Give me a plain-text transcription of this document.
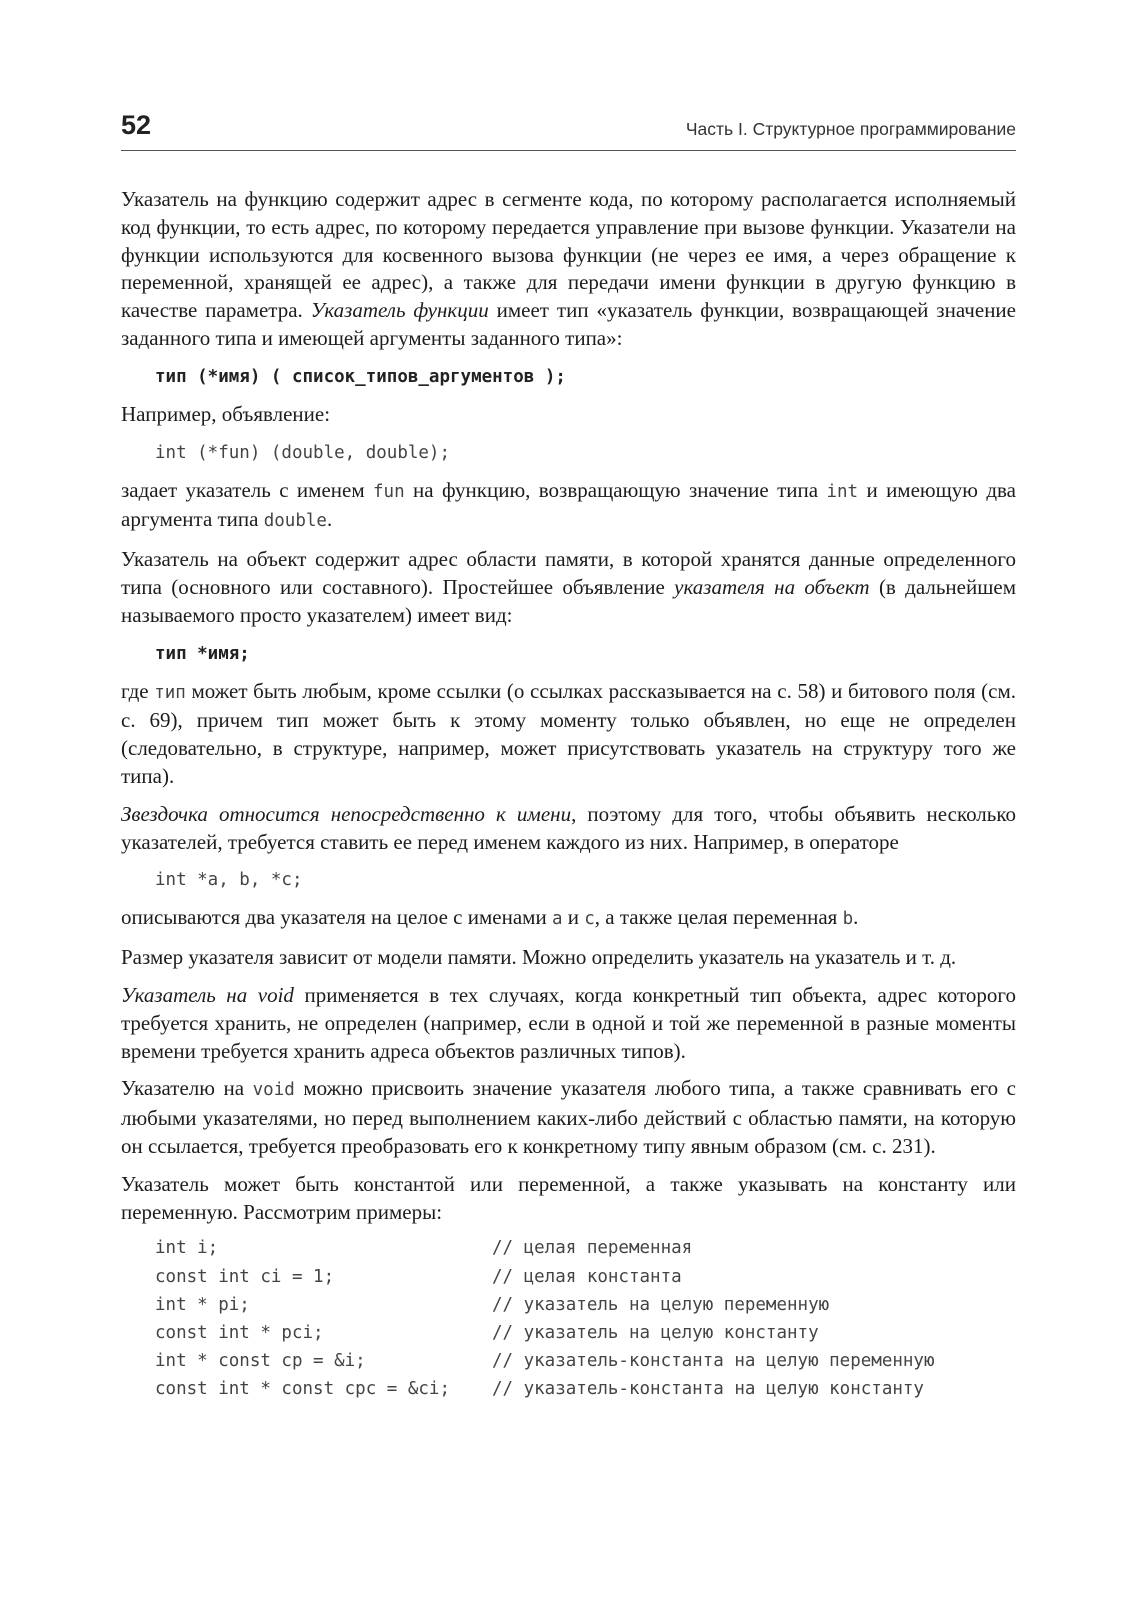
52	Часть I. Структурное программирование

Указатель на функцию содержит адрес в сегменте кода, по которому располагается исполняемый код функции, то есть адрес, по которому передается управление при вызове функции. Указатели на функции используются для косвенного вызова функции (не через ее имя, а через обращение к переменной, хранящей ее адрес), а также для передачи имени функции в другую функцию в качестве параметра. Указатель функции имеет тип «указатель функции, возвращающей значение заданного типа и имеющей аргументы заданного типа»:

тип (*имя) ( список_типов_аргументов );

Например, объявление:

int (*fun) (double, double);

задает указатель с именем fun на функцию, возвращающую значение типа int и имеющую два аргумента типа double.

Указатель на объект содержит адрес области памяти, в которой хранятся данные определенного типа (основного или составного). Простейшее объявление указателя на объект (в дальнейшем называемого просто указателем) имеет вид:

тип *имя;

где тип может быть любым, кроме ссылки (о ссылках рассказывается на с. 58) и битового поля (см. с. 69), причем тип может быть к этому моменту только объявлен, но еще не определен (следовательно, в структуре, например, может присутствовать указатель на структуру того же типа).

Звездочка относится непосредственно к имени, поэтому для того, чтобы объявить несколько указателей, требуется ставить ее перед именем каждого из них. Например, в операторе

int *a, b, *c;

описываются два указателя на целое с именами a и c, а также целая переменная b.

Размер указателя зависит от модели памяти. Можно определить указатель на указатель и т. д.

Указатель на void применяется в тех случаях, когда конкретный тип объекта, адрес которого требуется хранить, не определен (например, если в одной и той же переменной в разные моменты времени требуется хранить адреса объектов различных типов).

Указателю на void можно присвоить значение указателя любого типа, а также сравнивать его с любыми указателями, но перед выполнением каких-либо действий с областью памяти, на которую он ссылается, требуется преобразовать его к конкретному типу явным образом (см. с. 231).

Указатель может быть константой или переменной, а также указывать на константу или переменную. Рассмотрим примеры:

int i;	// целая переменная
const int ci = 1;	// целая константа
int * pi;	// указатель на целую переменную
const int * pci;	// указатель на целую константу
int * const cp = &i;	// указатель-константа на целую переменную
const int * const cpc = &ci;	// указатель-константа на целую константу
